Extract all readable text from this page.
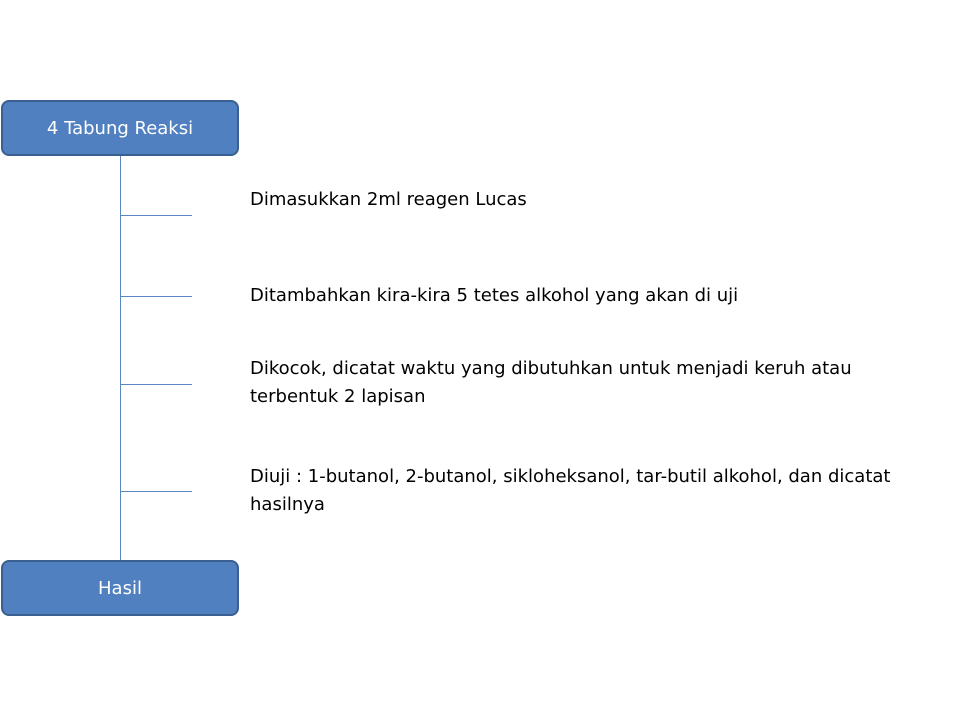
4 Tabung Reaksi
Dimasukkan 2ml reagen Lucas
Ditambahkan kira-kira 5 tetes alkohol yang akan di uji
Dikocok, dicatat waktu yang dibutuhkan untuk menjadi keruh atau terbentuk 2 lapisan
Diuji : 1-butanol, 2-butanol, sikloheksanol, tar-butil alkohol, dan dicatat hasilnya
Hasil
